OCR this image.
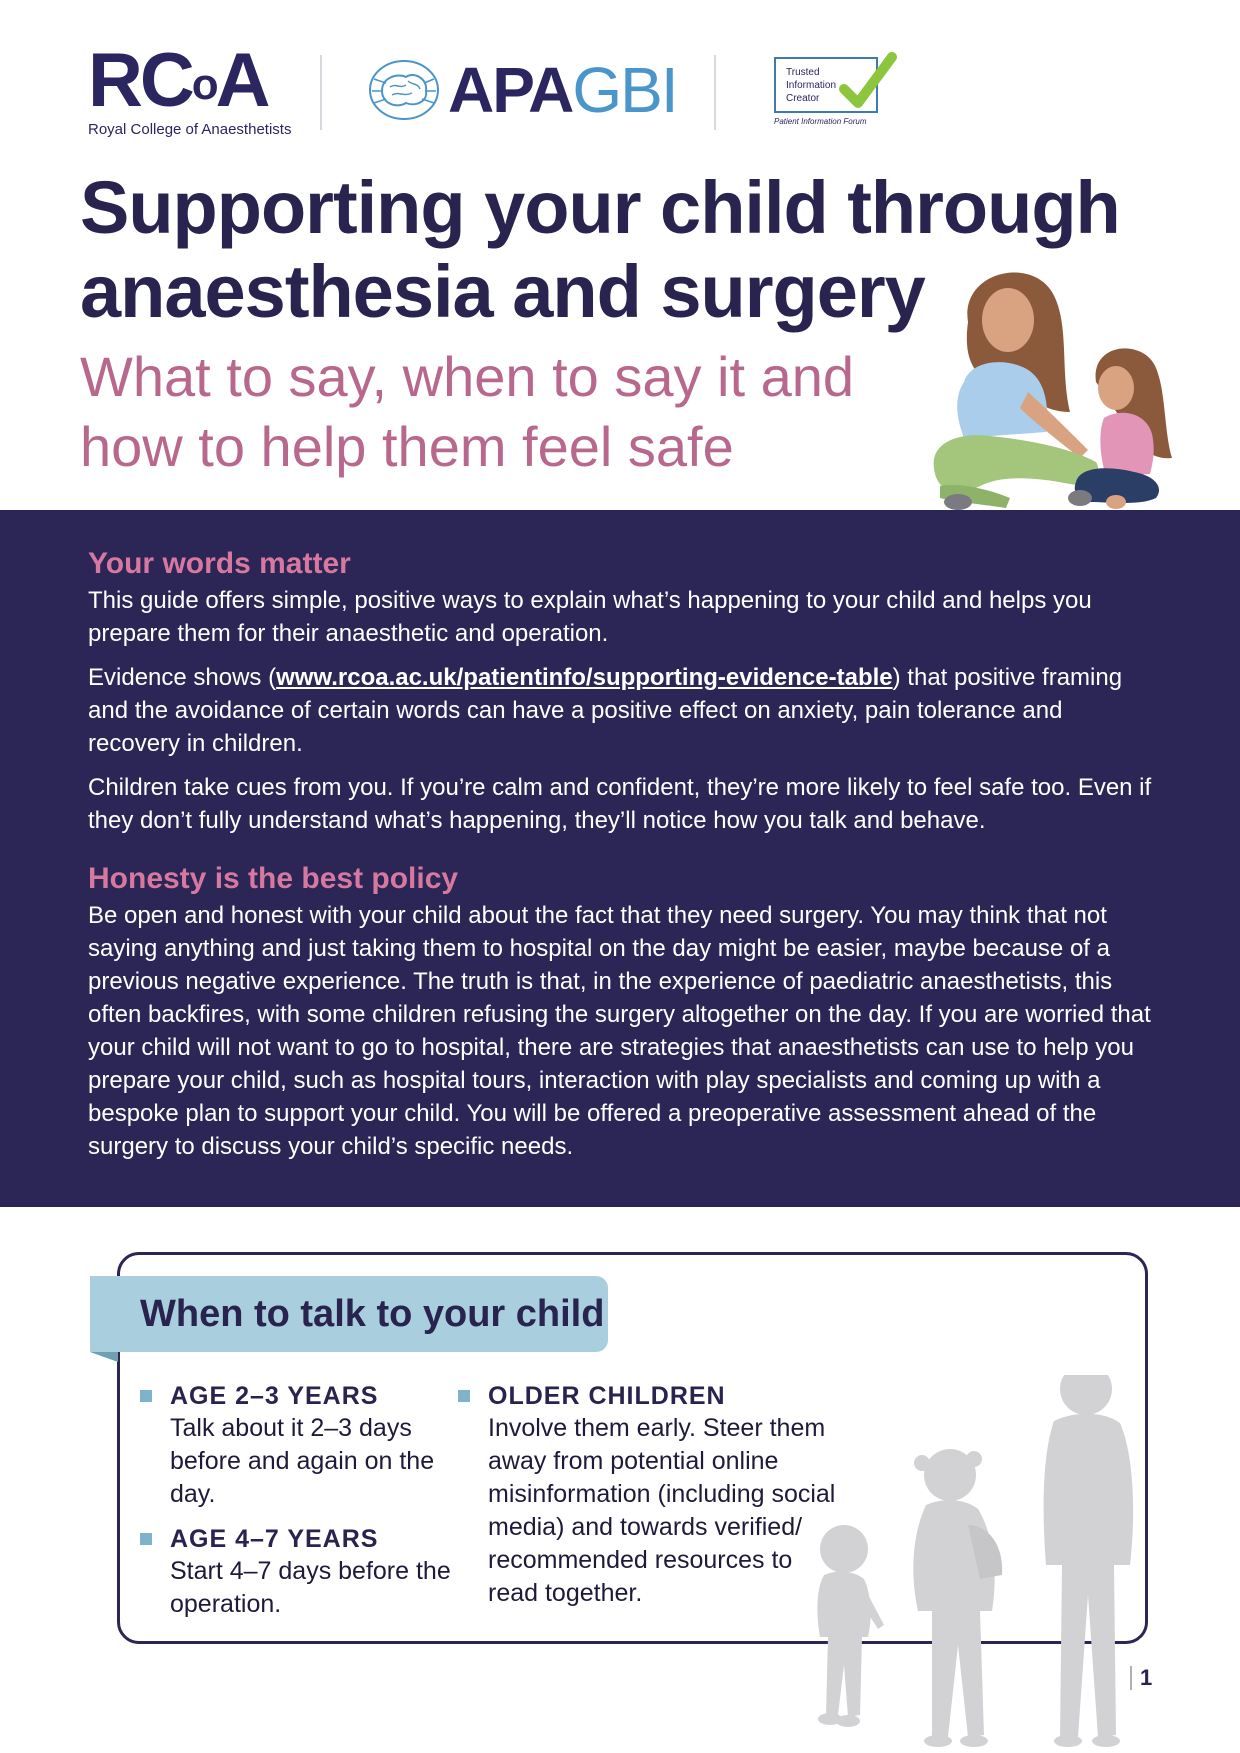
$RC^oA$
Royal College of Anaesthetists
APAGBI	Trusted
Information
Creator
Patient Information Forum
Supporting your child through anaesthesia and surgery
What to say, when to say it and how to help them feel safe
Your words matter

This guide offers simple, positive ways to explain what’s happening to your child and helps you prepare them for their anaesthetic and operation.

Evidence shows (www.rcoa.ac.uk/patientinfo/supporting-evidence-table) that positive framing and the avoidance of certain words can have a positive effect on anxiety, pain tolerance and recovery in children.

Children take cues from you. If you’re calm and confident, they’re more likely to feel safe too. Even if they don’t fully understand what’s happening, they’ll notice how you talk and behave.

Honesty is the best policy

Be open and honest with your child about the fact that they need surgery. You may think that not saying anything and just taking them to hospital on the day might be easier, maybe because of a previous negative experience. The truth is that, in the experience of paediatric anaesthetists, this often backfires, with some children refusing the surgery altogether on the day. If you are worried that your child will not want to go to hospital, there are strategies that anaesthetists can use to help you prepare your child, such as hospital tours, interaction with play specialists and coming up with a bespoke plan to support your child. You will be offered a preoperative assessment ahead of the surgery to discuss your child’s specific needs.

When to talk to your child
AGE 2–3 YEARS
Talk about it 2–3 days before and again on the day.
AGE 4–7 YEARS
Start 4–7 days before the operation.
OLDER CHILDREN
Involve them early. Steer them away from potential online misinformation (including social media) and towards verified/ recommended resources to read together.
1
